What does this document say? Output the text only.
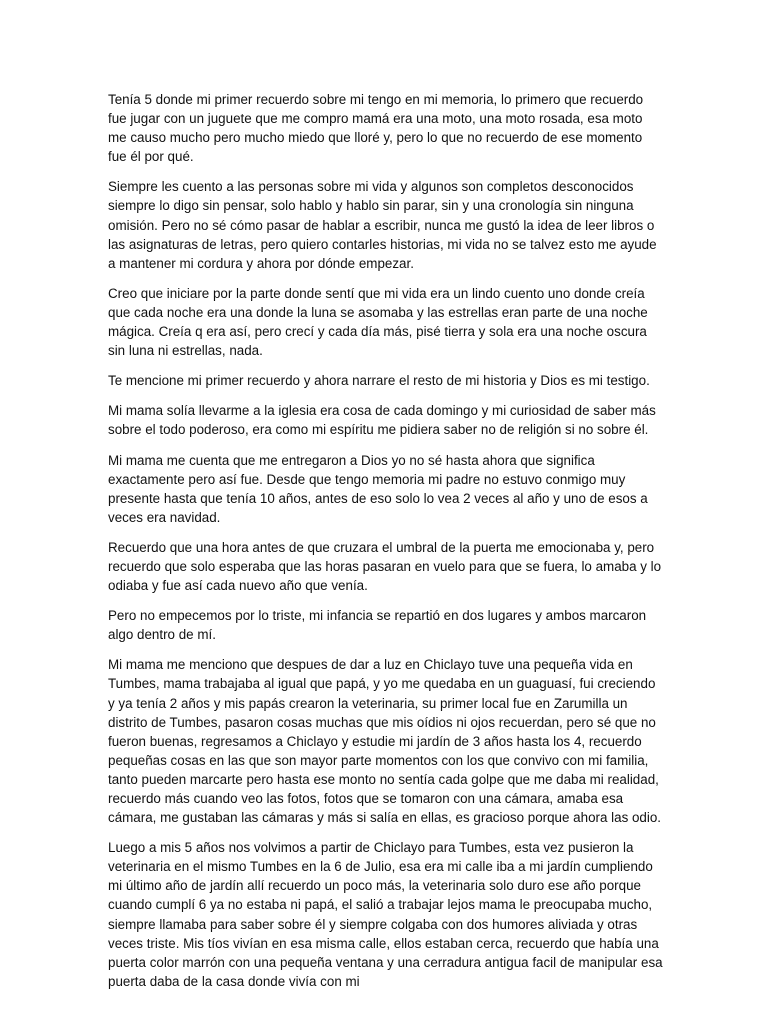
Tenía 5 donde mi primer recuerdo sobre mi tengo en mi memoria, lo primero que recuerdo fue jugar con un juguete que me compro mamá era una moto, una moto rosada, esa moto me causo mucho pero mucho miedo que lloré y, pero lo que no recuerdo de ese momento fue él por qué.

Siempre les cuento a las personas sobre mi vida y algunos son completos desconocidos siempre lo digo sin pensar, solo hablo y hablo sin parar, sin y una cronología sin ninguna omisión. Pero no sé cómo pasar de hablar a escribir, nunca me gustó la idea de leer libros o las asignaturas de letras, pero quiero contarles historias, mi vida no se talvez esto me ayude a mantener mi cordura y ahora por dónde empezar.

Creo que iniciare por la parte donde sentí que mi vida era un lindo cuento uno donde creía que cada noche era una donde la luna se asomaba y las estrellas eran parte de una noche mágica. Creía q era así, pero crecí y cada día más, pisé tierra y sola era una noche oscura sin luna ni estrellas, nada.

Te mencione mi primer recuerdo y ahora narrare el resto de mi historia y Dios es mi testigo.

Mi mama solía llevarme a la iglesia era cosa de cada domingo y mi curiosidad de saber más sobre el todo poderoso, era como mi espíritu me pidiera saber no de religión si no sobre él.

Mi mama me cuenta que me entregaron a Dios yo no sé hasta ahora que significa exactamente pero así fue. Desde que tengo memoria mi padre no estuvo conmigo muy presente hasta que tenía 10 años, antes de eso solo lo vea 2 veces al año y uno de esos a veces era navidad.

Recuerdo que una hora antes de que cruzara el umbral de la puerta me emocionaba y, pero recuerdo que solo esperaba que las horas pasaran en vuelo para que se fuera, lo amaba y lo odiaba y fue así cada nuevo año que venía.

Pero no empecemos por lo triste, mi infancia se repartió en dos lugares y ambos marcaron algo dentro de mí.

Mi mama me menciono que despues de dar a luz en Chiclayo tuve una pequeña vida en Tumbes, mama trabajaba al igual que papá, y yo me quedaba en un guaguasí, fui creciendo y ya tenía 2 años y mis papás crearon la veterinaria, su primer local fue en Zarumilla un distrito de Tumbes, pasaron cosas muchas que mis oídios ni ojos recuerdan, pero sé que no fueron buenas, regresamos a Chiclayo y estudie mi jardín de 3 años hasta los 4, recuerdo pequeñas cosas en las que son mayor parte momentos con los que convivo con mi familia, tanto pueden marcarte pero hasta ese monto no sentía cada golpe que me daba mi realidad, recuerdo más cuando veo las fotos, fotos que se tomaron con una cámara, amaba esa cámara, me gustaban las cámaras y más si salía en ellas, es gracioso porque ahora las odio.

Luego a mis 5 años nos volvimos a partir de Chiclayo para Tumbes, esta vez pusieron la veterinaria en el mismo Tumbes en la 6 de Julio, esa era mi calle iba a mi jardín cumpliendo mi último año de jardín allí recuerdo un poco más, la veterinaria solo duro ese año porque cuando cumplí 6 ya no estaba ni papá, el salió a trabajar lejos mama le preocupaba mucho, siempre llamaba para saber sobre él y siempre colgaba con dos humores aliviada y otras veces triste. Mis tíos vivían en esa misma calle, ellos estaban cerca, recuerdo que había una puerta color marrón con una pequeña ventana y una cerradura antigua facil de manipular esa puerta daba de la casa donde vivía con mi
